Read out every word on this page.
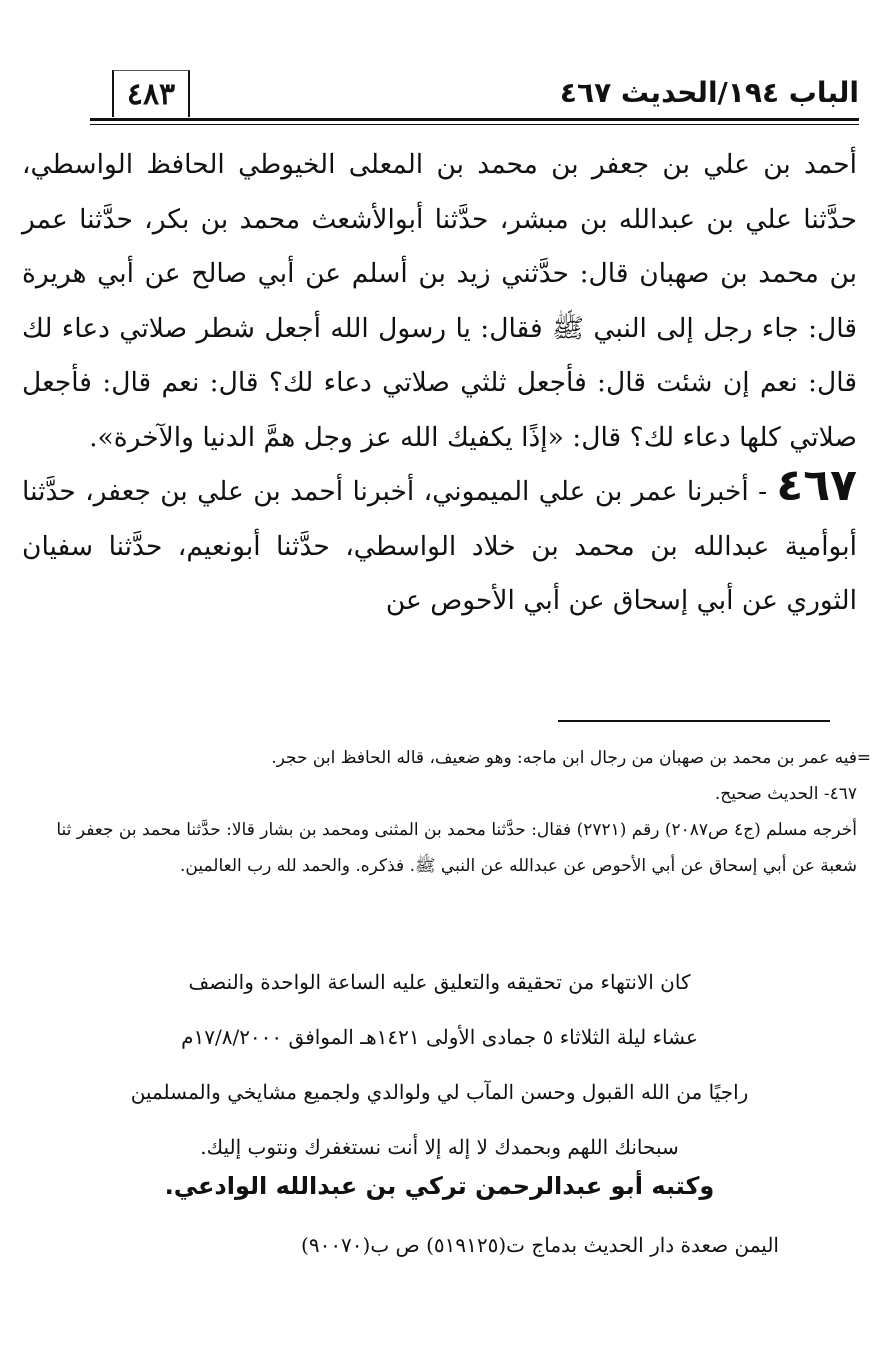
٤٨٣	الباب ١٩٤/الحديث ٤٦٧

أحمد بن علي بن جعفر بن محمد بن المعلى الخيوطي الحافظ الواسطي، حدَّثنا علي بن عبدالله بن مبشر، حدَّثنا أبوالأشعث محمد بن بكر، حدَّثنا عمر بن محمد بن صهبان قال: حدَّثني زيد بن أسلم عن أبي صالح عن أبي هريرة قال: جاء رجل إلى النبي ﷺ فقال: يا رسول الله أجعل شطر صلاتي دعاء لك قال: نعم إن شئت قال: فأجعل ثلثي صلاتي دعاء لك؟ قال: نعم قال: فأجعل صلاتي كلها دعاء لك؟ قال: «إذًا يكفيك الله عز وجل همَّ الدنيا والآخرة».

٤٦٧ - أخبرنا عمر بن علي الميموني، أخبرنا أحمد بن علي بن جعفر، حدَّثنا أبوأمية عبدالله بن محمد بن خلاد الواسطي، حدَّثنا أبونعيم، حدَّثنا سفيان الثوري عن أبي إسحاق عن أبي الأحوص عن

=

فيه عمر بن محمد بن صهبان من رجال ابن ماجه: وهو ضعيف، قاله الحافظ ابن حجر.

٤٦٧- الحديث صحيح.

أخرجه مسلم (ج٤ ص٢٠٨٧) رقم (٢٧٢١) فقال: حدَّثنا محمد بن المثنى ومحمد بن بشار قالا: حدَّثنا محمد بن جعفر ثنا شعبة عن أبي إسحاق عن أبي الأحوص عن عبدالله عن النبي ﷺ. فذكره. والحمد لله رب العالمين.

كان الانتهاء من تحقيقه والتعليق عليه الساعة الواحدة والنصف

عشاء ليلة الثلاثاء ٥ جمادى الأولى ١٤٢١هـ الموافق ١٧/٨/٢٠٠٠م

راجيًا من الله القبول وحسن المآب لي ولوالدي ولجميع مشايخي والمسلمين

سبحانك اللهم وبحمدك لا إله إلا أنت نستغفرك ونتوب إليك.

وكتبه أبو عبدالرحمن تركي بن عبدالله الوادعي.
اليمن صعدة دار الحديث بدماج ت(٥١٩١٢٥) ص ب(٩٠٠٧٠)
